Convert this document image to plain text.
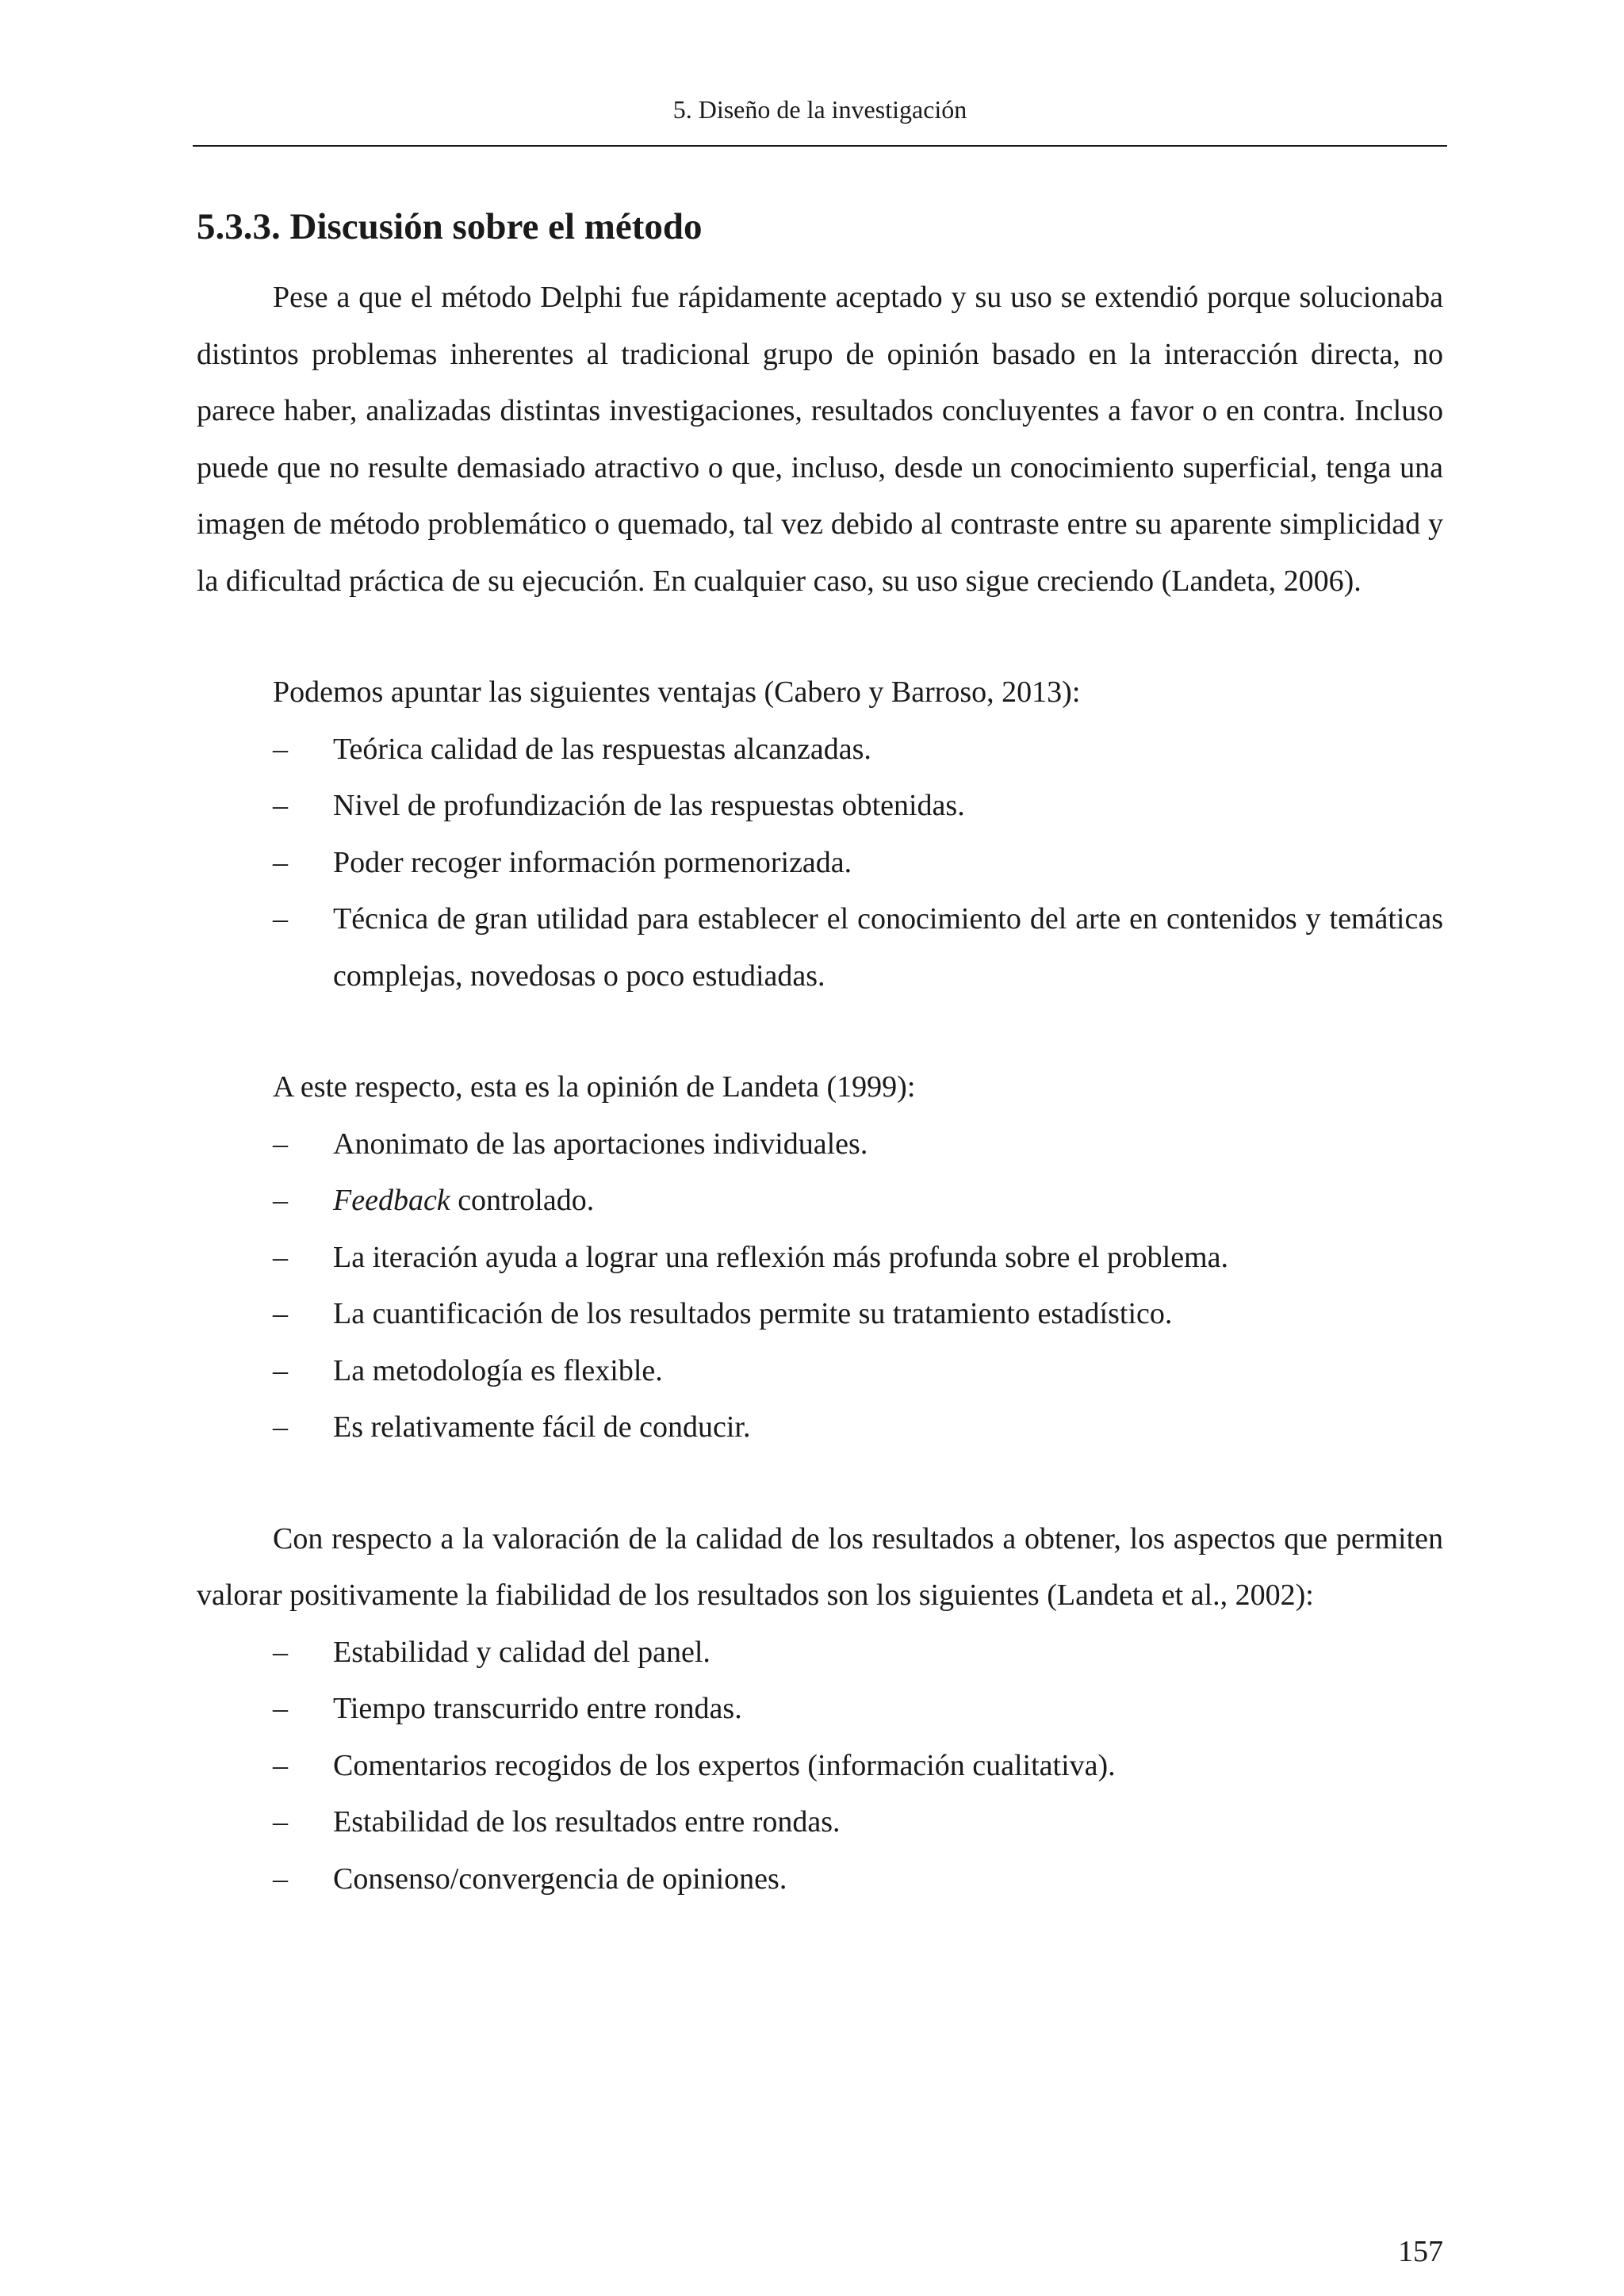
5. Diseño de la investigación
5.3.3. Discusión sobre el método

Pese a que el método Delphi fue rápidamente aceptado y su uso se extendió porque solucionaba distintos problemas inherentes al tradicional grupo de opinión basado en la interacción directa, no parece haber, analizadas distintas investigaciones, resultados concluyentes a favor o en contra. Incluso puede que no resulte demasiado atractivo o que, incluso, desde un conocimiento superficial, tenga una imagen de método problemático o quemado, tal vez debido al contraste entre su aparente simplicidad y la dificultad práctica de su ejecución. En cualquier caso, su uso sigue creciendo (Landeta, 2006).

Podemos apuntar las siguientes ventajas (Cabero y Barroso, 2013):

– Teórica calidad de las respuestas alcanzadas.
– Nivel de profundización de las respuestas obtenidas.
– Poder recoger información pormenorizada.
– Técnica de gran utilidad para establecer el conocimiento del arte en contenidos y temáticas complejas, novedosas o poco estudiadas.

A este respecto, esta es la opinión de Landeta (1999):

– Anonimato de las aportaciones individuales.
– Feedback controlado.
– La iteración ayuda a lograr una reflexión más profunda sobre el problema.
– La cuantificación de los resultados permite su tratamiento estadístico.
– La metodología es flexible.
– Es relativamente fácil de conducir.

Con respecto a la valoración de la calidad de los resultados a obtener, los aspectos que permiten valorar positivamente la fiabilidad de los resultados son los siguientes (Landeta et al., 2002):

– Estabilidad y calidad del panel.
– Tiempo transcurrido entre rondas.
– Comentarios recogidos de los expertos (información cualitativa).
– Estabilidad de los resultados entre rondas.
– Consenso/convergencia de opiniones.
157
